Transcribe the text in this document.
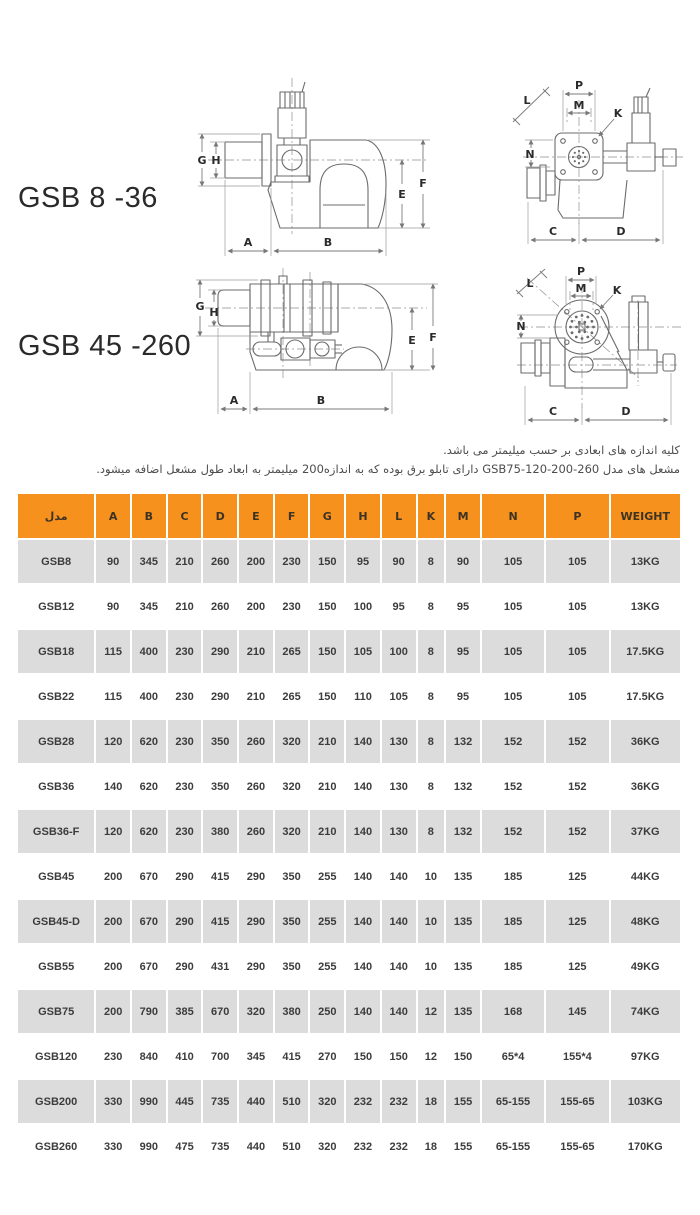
GSB 8 -36
G H
E
F
A	B
P
M
L
K
N
C	D
GSB 45 -260
G H
E F
A	B
P
M
L
K
N
C	D
کلیه اندازه های ابعادی بر حسب میلیمتر می باشد.
مشعل های مدل GSB75-120-200-260 دارای تابلو برق بوده که به اندازه200 میلیمتر به ابعاد طول مشعل اضافه میشود.
مدل	A	B	C	D	E	F	G	H	L	K	M	N	P	WEIGHT
GSB8	90	345	210	260	200	230	150	95	90	8	90	105	105	13KG
GSB12	90	345	210	260	200	230	150	100	95	8	95	105	105	13KG
GSB18	115	400	230	290	210	265	150	105	100	8	95	105	105	17.5KG
GSB22	115	400	230	290	210	265	150	110	105	8	95	105	105	17.5KG
GSB28	120	620	230	350	260	320	210	140	130	8	132	152	152	36KG
GSB36	140	620	230	350	260	320	210	140	130	8	132	152	152	36KG
GSB36-F	120	620	230	380	260	320	210	140	130	8	132	152	152	37KG
GSB45	200	670	290	415	290	350	255	140	140	10	135	185	125	44KG
GSB45-D	200	670	290	415	290	350	255	140	140	10	135	185	125	48KG
GSB55	200	670	290	431	290	350	255	140	140	10	135	185	125	49KG
GSB75	200	790	385	670	320	380	250	140	140	12	135	168	145	74KG
GSB120	230	840	410	700	345	415	270	150	150	12	150	65*4	155*4	97KG
GSB200	330	990	445	735	440	510	320	232	232	18	155	65-155	155-65	103KG
GSB260	330	990	475	735	440	510	320	232	232	18	155	65-155	155-65	170KG
